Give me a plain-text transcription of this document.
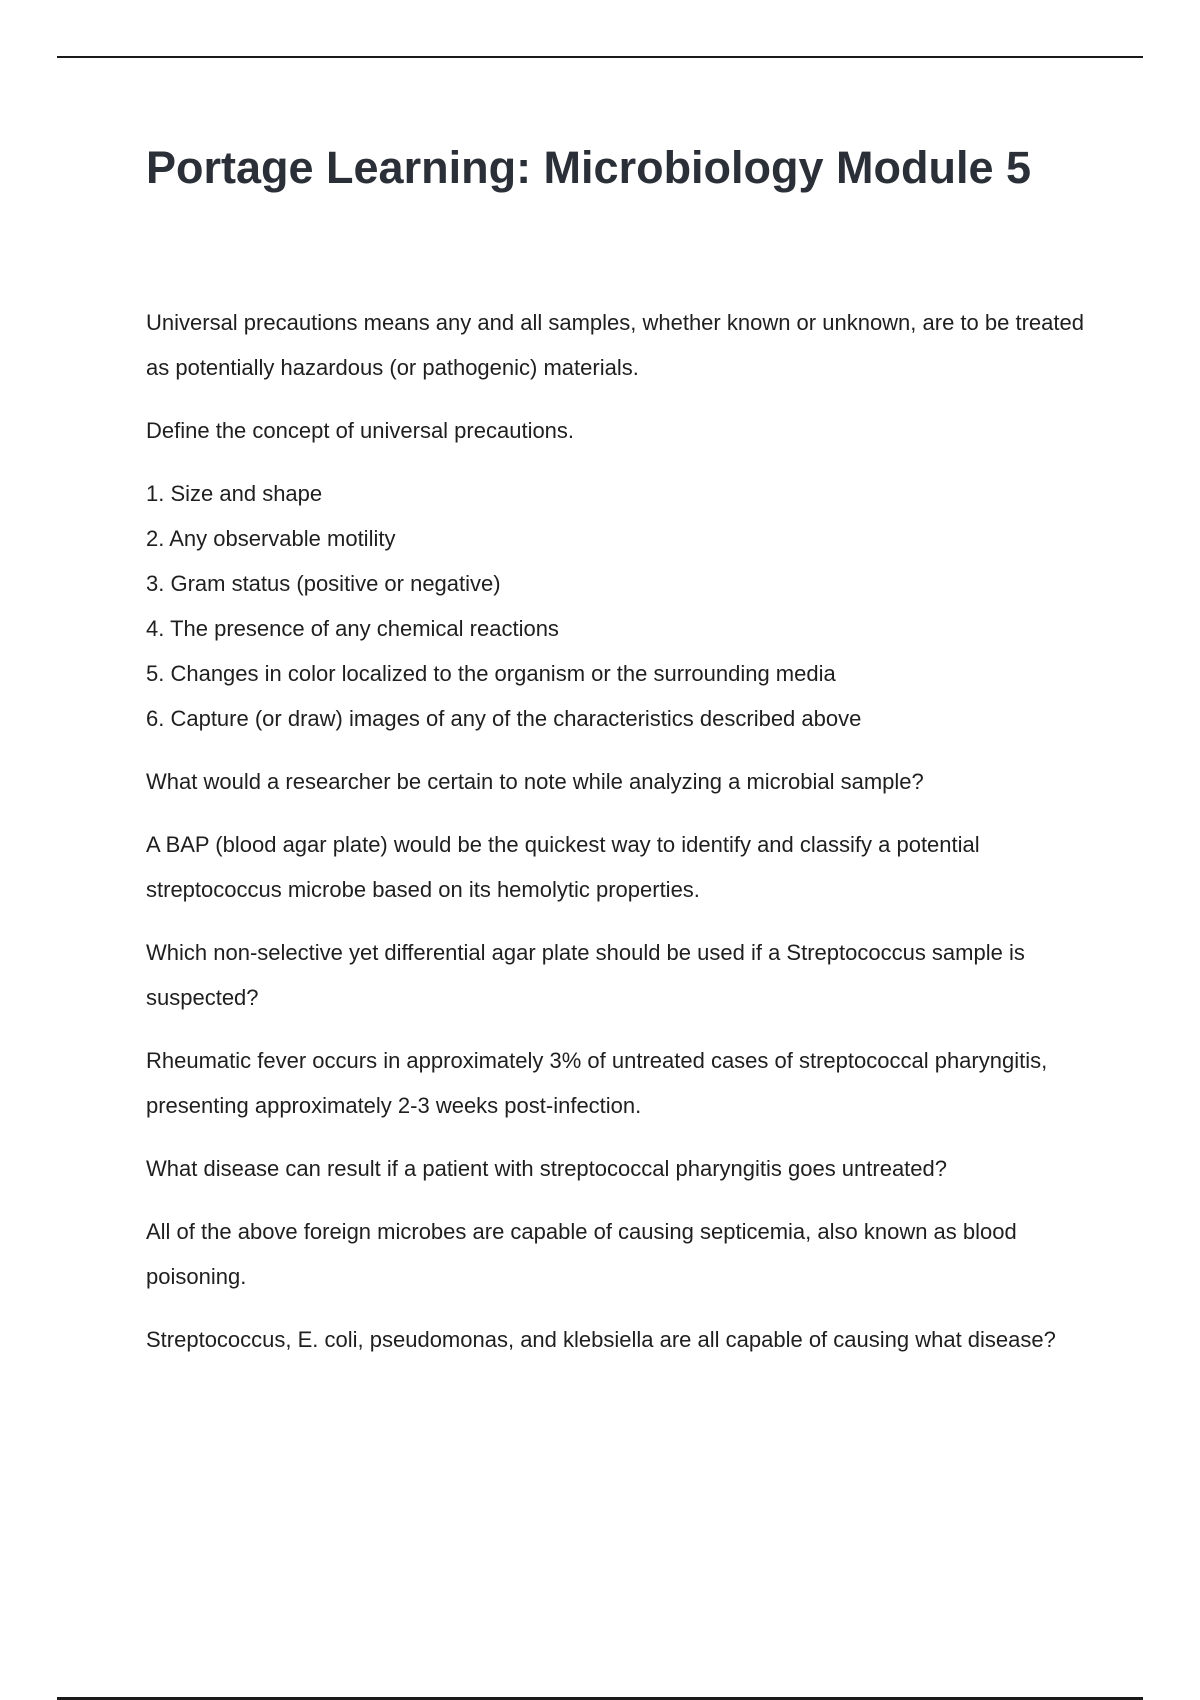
Portage Learning: Microbiology Module 5

Universal precautions means any and all samples, whether known or unknown, are to be treated as potentially hazardous (or pathogenic) materials.

Define the concept of universal precautions.

1. Size and shape
2. Any observable motility
3. Gram status (positive or negative)
4. The presence of any chemical reactions
5. Changes in color localized to the organism or the surrounding media
6. Capture (or draw) images of any of the characteristics described above

What would a researcher be certain to note while analyzing a microbial sample?

A BAP (blood agar plate) would be the quickest way to identify and classify a potential streptococcus microbe based on its hemolytic properties.

Which non-selective yet differential agar plate should be used if a Streptococcus sample is suspected?

Rheumatic fever occurs in approximately 3% of untreated cases of streptococcal pharyngitis, presenting approximately 2-3 weeks post-infection.

What disease can result if a patient with streptococcal pharyngitis goes untreated?

All of the above foreign microbes are capable of causing septicemia, also known as blood poisoning.

Streptococcus, E. coli, pseudomonas, and klebsiella are all capable of causing what disease?
